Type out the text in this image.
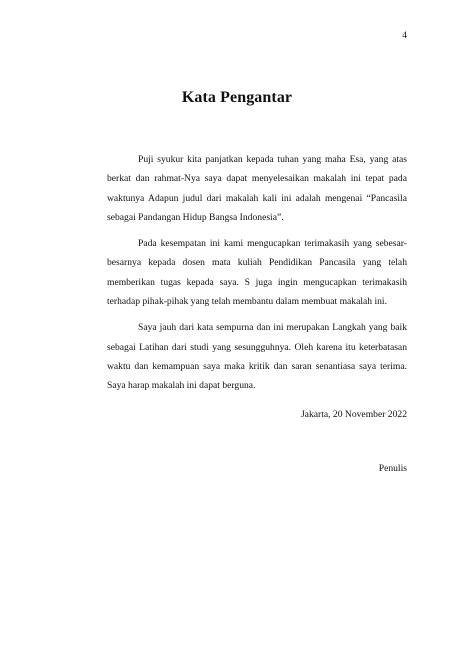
4
Kata Pengantar

Puji syukur kita panjatkan kepada tuhan yang maha Esa, yang atas berkat dan rahmat-Nya saya dapat menyelesaikan makalah ini tepat pada waktunya Adapun judul dari makalah kali ini adalah mengenai “Pancasila sebagai Pandangan Hidup Bangsa Indonesia”.

Pada kesempatan ini kami mengucapkan terimakasih yang sebesar-besarnya kepada dosen mata kuliah Pendidikan Pancasila yang telah memberikan tugas kepada saya. S juga ingin mengucapkan terimakasih terhadap pihak-pihak yang telah membantu dalam membuat makalah ini.

Saya jauh dari kata sempurna dan ini merupakan Langkah yang baik sebagai Latihan dari studi yang sesungguhnya. Oleh karena itu keterbatasan waktu dan kemampuan saya maka kritik dan saran senantiasa saya terima. Saya harap makalah ini dapat berguna.

Jakarta, 20 November 2022
Penulis
